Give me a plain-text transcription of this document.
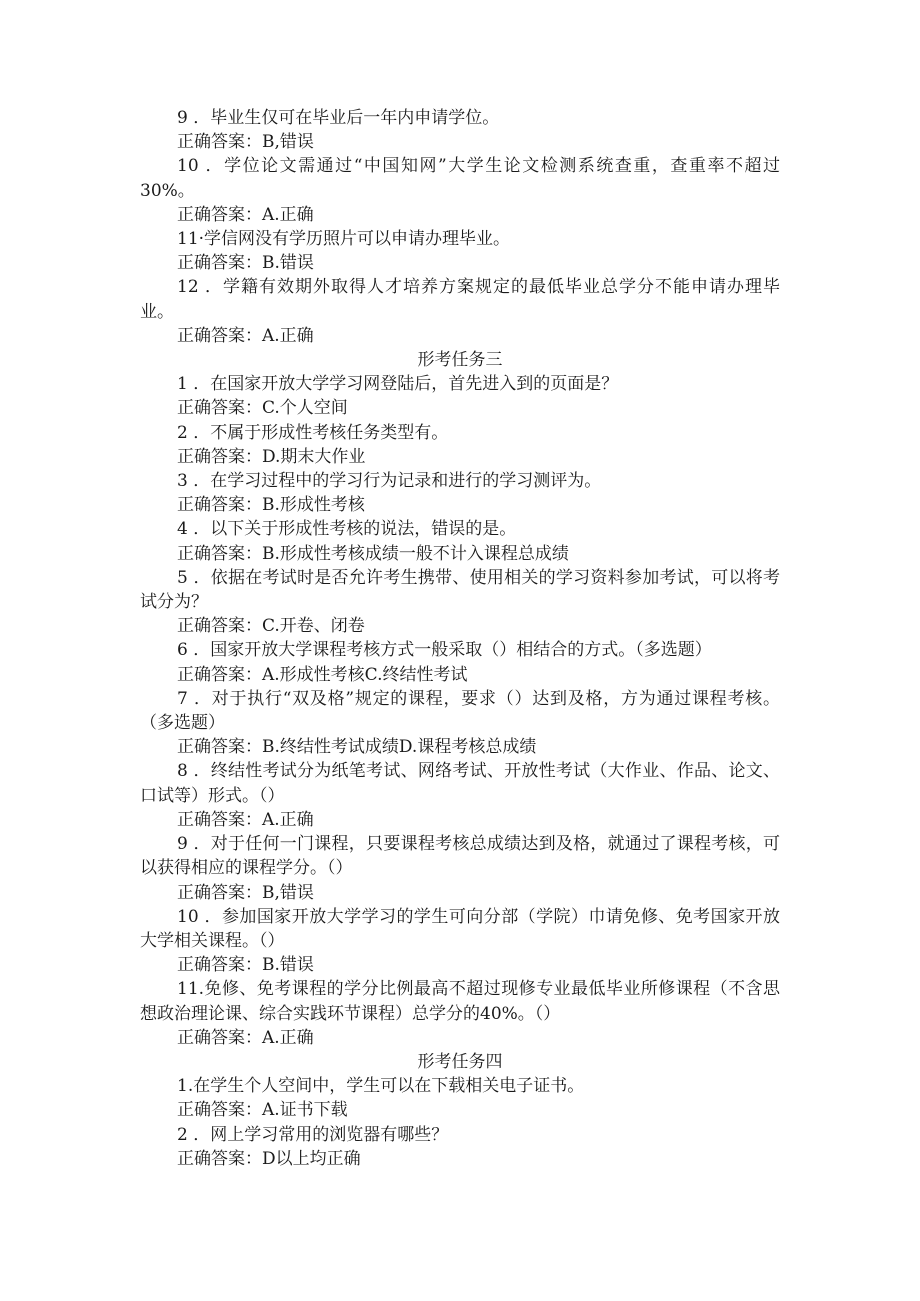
9 ．毕业生仅可在毕业后一年内申请学位。
正确答案：B,错误
10 ．学位论文需通过“中国知网”大学生论文检测系统查重，查重率不超过30%。
正确答案：A.正确
11·学信网没有学历照片可以申请办理毕业。
正确答案：B.错误
12 ．学籍有效期外取得人才培养方案规定的最低毕业总学分不能申请办理毕业。
正确答案：A.正确
形考任务三
1 ．在国家开放大学学习网登陆后，首先进入到的页面是？
正确答案：C.个人空间
2 ．不属于形成性考核任务类型有。
正确答案：D.期末大作业
3 ．在学习过程中的学习行为记录和进行的学习测评为。
正确答案：B.形成性考核
4 ．以下关于形成性考核的说法，错误的是。
正确答案：B.形成性考核成绩一般不计入课程总成绩
5 ．依据在考试时是否允许考生携带、使用相关的学习资料参加考试，可以将考试分为？
正确答案：C.开卷、闭卷
6 ．国家开放大学课程考核方式一般采取（）相结合的方式。（多选题）
正确答案：A.形成性考核C.终结性考试
7 ．对于执行“双及格”规定的课程，要求（）达到及格，方为通过课程考核。（多选题）
正确答案：B.终结性考试成绩D.课程考核总成绩
8 ．终结性考试分为纸笔考试、网络考试、开放性考试（大作业、作品、论文、口试等）形式。（）
正确答案：A.正确
9 ．对于任何一门课程，只要课程考核总成绩达到及格，就通过了课程考核，可以获得相应的课程学分。（）
正确答案：B,错误
10 ．参加国家开放大学学习的学生可向分部（学院）巾请免修、免考国家开放大学相关课程。（）
正确答案：B.错误
11.免修、免考课程的学分比例最高不超过现修专业最低毕业所修课程（不含思想政治理论课、综合实践环节课程）总学分的40%。（）
正确答案：A.正确
形考任务四
1.在学生个人空间中，学生可以在下载相关电子证书。
正确答案：A.证书下载
2 ．网上学习常用的浏览器有哪些？
正确答案：D以上均正确
